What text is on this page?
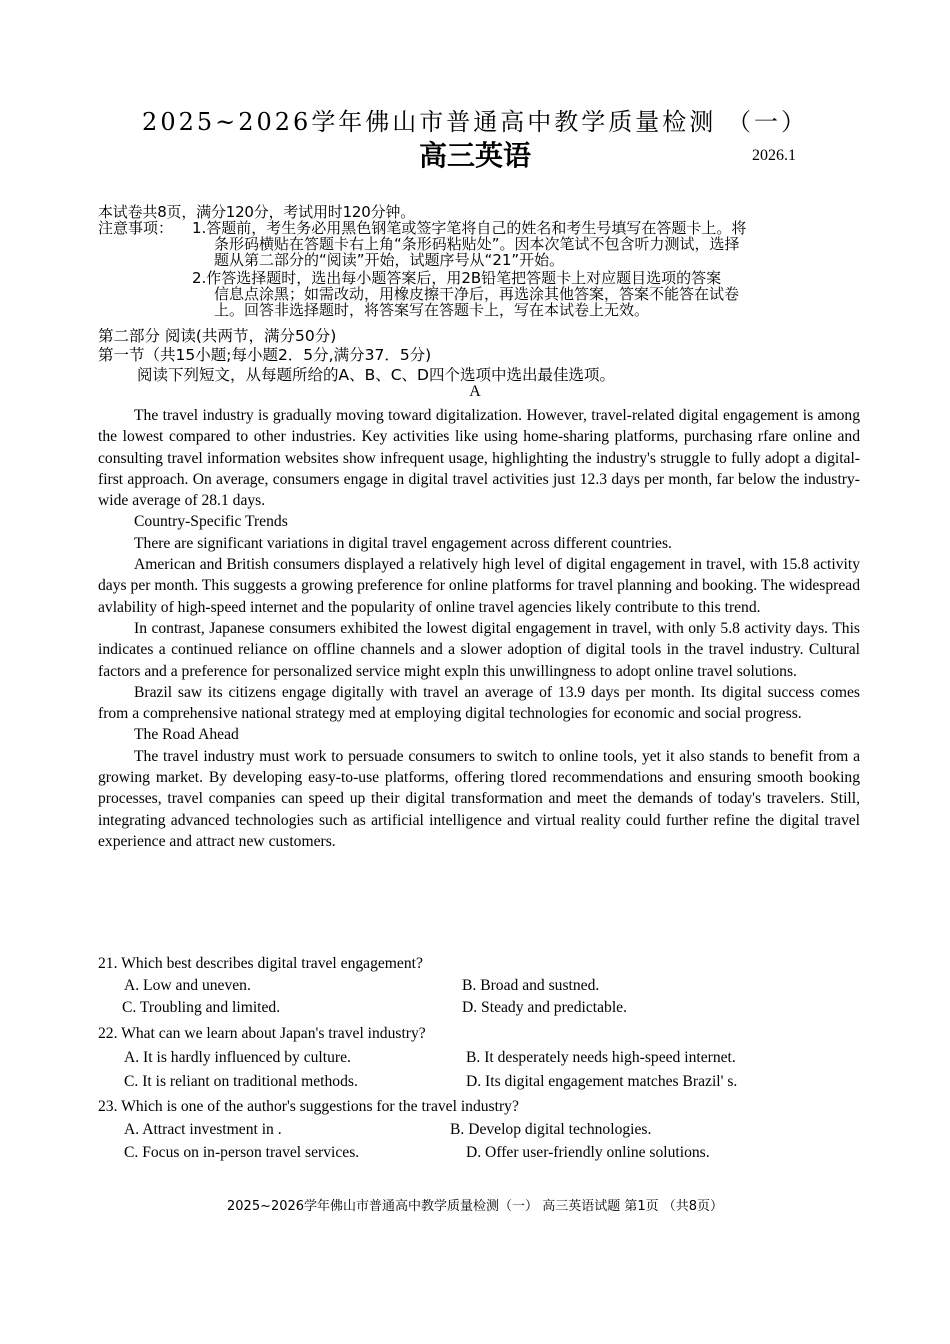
2025~2026学年佛山市普通高中教学质量检测 （一）
高三英语	2026.1
本试卷共8页，满分120分，考试用时120分钟。
注意事项： 1.答题前，考生务必用黑色钢笔或签字笔将自己的姓名和考生号填写在答题卡上。将
条形码横贴在答题卡右上角“条形码粘贴处”。因本次笔试不包含听力测试，选择
题从第二部分的“阅读”开始，试题序号从“21”开始。
2.作答选择题时，选出每小题答案后，用2B铅笔把答题卡上对应题目选项的答案
信息点涂黑；如需改动，用橡皮擦干净后，再选涂其他答案，答案不能答在试卷
上。回答非选择题时，将答案写在答题卡上，写在本试卷上无效。
第二部分 阅读(共两节，满分50分)
第一节（共15小题;每小题2．5分,满分37．5分)
阅读下列短文，从每题所给的A、B、C、D四个选项中选出最佳选项。
A

The travel industry is gradually moving toward digitalization. However, travel-related digital engagement is among the lowest compared to other industries. Key activities like using home-sharing platforms, purchasing rfare online and consulting travel information websites show infrequent usage, highlighting the industry's struggle to fully adopt a digital-first approach. On average, consumers engage in digital travel activities just 12.3 days per month, far below the industry-wide average of 28.1 days.

Country-Specific Trends

There are significant variations in digital travel engagement across different countries.

American and British consumers displayed a relatively high level of digital engagement in travel, with 15.8 activity days per month. This suggests a growing preference for online platforms for travel planning and booking. The widespread avlability of high-speed internet and the popularity of online travel agencies likely contribute to this trend.

In contrast, Japanese consumers exhibited the lowest digital engagement in travel, with only 5.8 activity days. This indicates a continued reliance on offline channels and a slower adoption of digital tools in the travel industry. Cultural factors and a preference for personalized service might expln this unwillingness to adopt online travel solutions.

Brazil saw its citizens engage digitally with travel an average of 13.9 days per month. Its digital success comes from a comprehensive national strategy med at employing digital technologies for economic and social progress.

The Road Ahead

The travel industry must work to persuade consumers to switch to online tools, yet it also stands to benefit from a growing market. By developing easy-to-use platforms, offering tlored recommendations and ensuring smooth booking processes, travel companies can speed up their digital transformation and meet the demands of today's travelers. Still, integrating advanced technologies such as artificial intelligence and virtual reality could further refine the digital travel experience and attract new customers.

21. Which best describes digital travel engagement?
A. Low and uneven.	B. Broad and sustned.
C. Troubling and limited.	D. Steady and predictable.
22. What can we learn about Japan's travel industry?
A. It is hardly influenced by culture.	B. It desperately needs high-speed internet.
C. It is reliant on traditional methods.	D. Its digital engagement matches Brazil' s.
23. Which is one of the author's suggestions for the travel industry?
A. Attract investment in .	B. Develop digital technologies.
C. Focus on in-person travel services.	D. Offer user-friendly online solutions.
2025~2026学年佛山市普通高中教学质量检测（一） 高三英语试题 第1页 （共8页）
